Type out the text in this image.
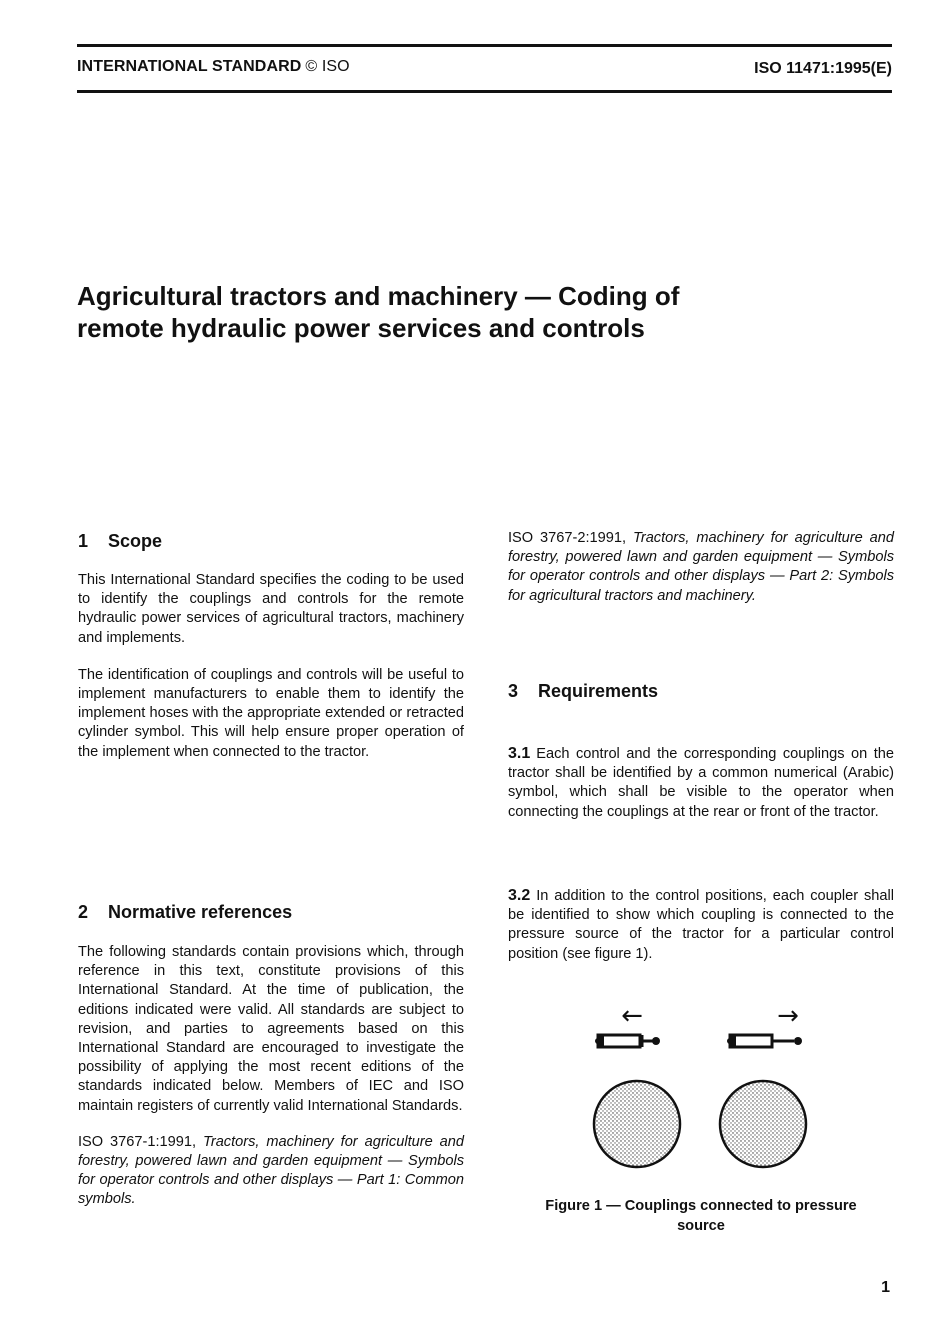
INTERNATIONAL STANDARD © ISO	ISO 11471:1995(E)
Agricultural tractors and machinery — Coding of
remote hydraulic power services and controls
1 Scope

This International Standard specifies the coding to be used to identify the couplings and controls for the remote hydraulic power services of agricultural tractors, machinery and implements.

The identification of couplings and controls will be useful to implement manufacturers to enable them to identify the implement hoses with the appropriate extended or retracted cylinder symbol. This will help ensure proper operation of the implement when connected to the tractor.

2 Normative references

The following standards contain provisions which, through reference in this text, constitute provisions of this International Standard. At the time of publication, the editions indicated were valid. All standards are subject to revision, and parties to agreements based on this International Standard are encouraged to investigate the possibility of applying the most recent editions of the standards indicated below. Members of IEC and ISO maintain registers of currently valid International Standards.

ISO 3767-1:1991, Tractors, machinery for agriculture and forestry, powered lawn and garden equipment — Symbols for operator controls and other displays — Part 1: Common symbols.

ISO 3767-2:1991, Tractors, machinery for agriculture and forestry, powered lawn and garden equipment — Symbols for operator controls and other displays — Part 2: Symbols for agricultural tractors and machinery.

3 Requirements

3.1 Each control and the corresponding couplings on the tractor shall be identified by a common numerical (Arabic) symbol, which shall be visible to the operator when connecting the couplings at the rear or front of the tractor.

3.2 In addition to the control positions, each coupler shall be identified to show which coupling is connected to the pressure source of the tractor for a particular control position (see figure 1).

←	→
Figure 1 — Couplings connected to pressure
source
1
